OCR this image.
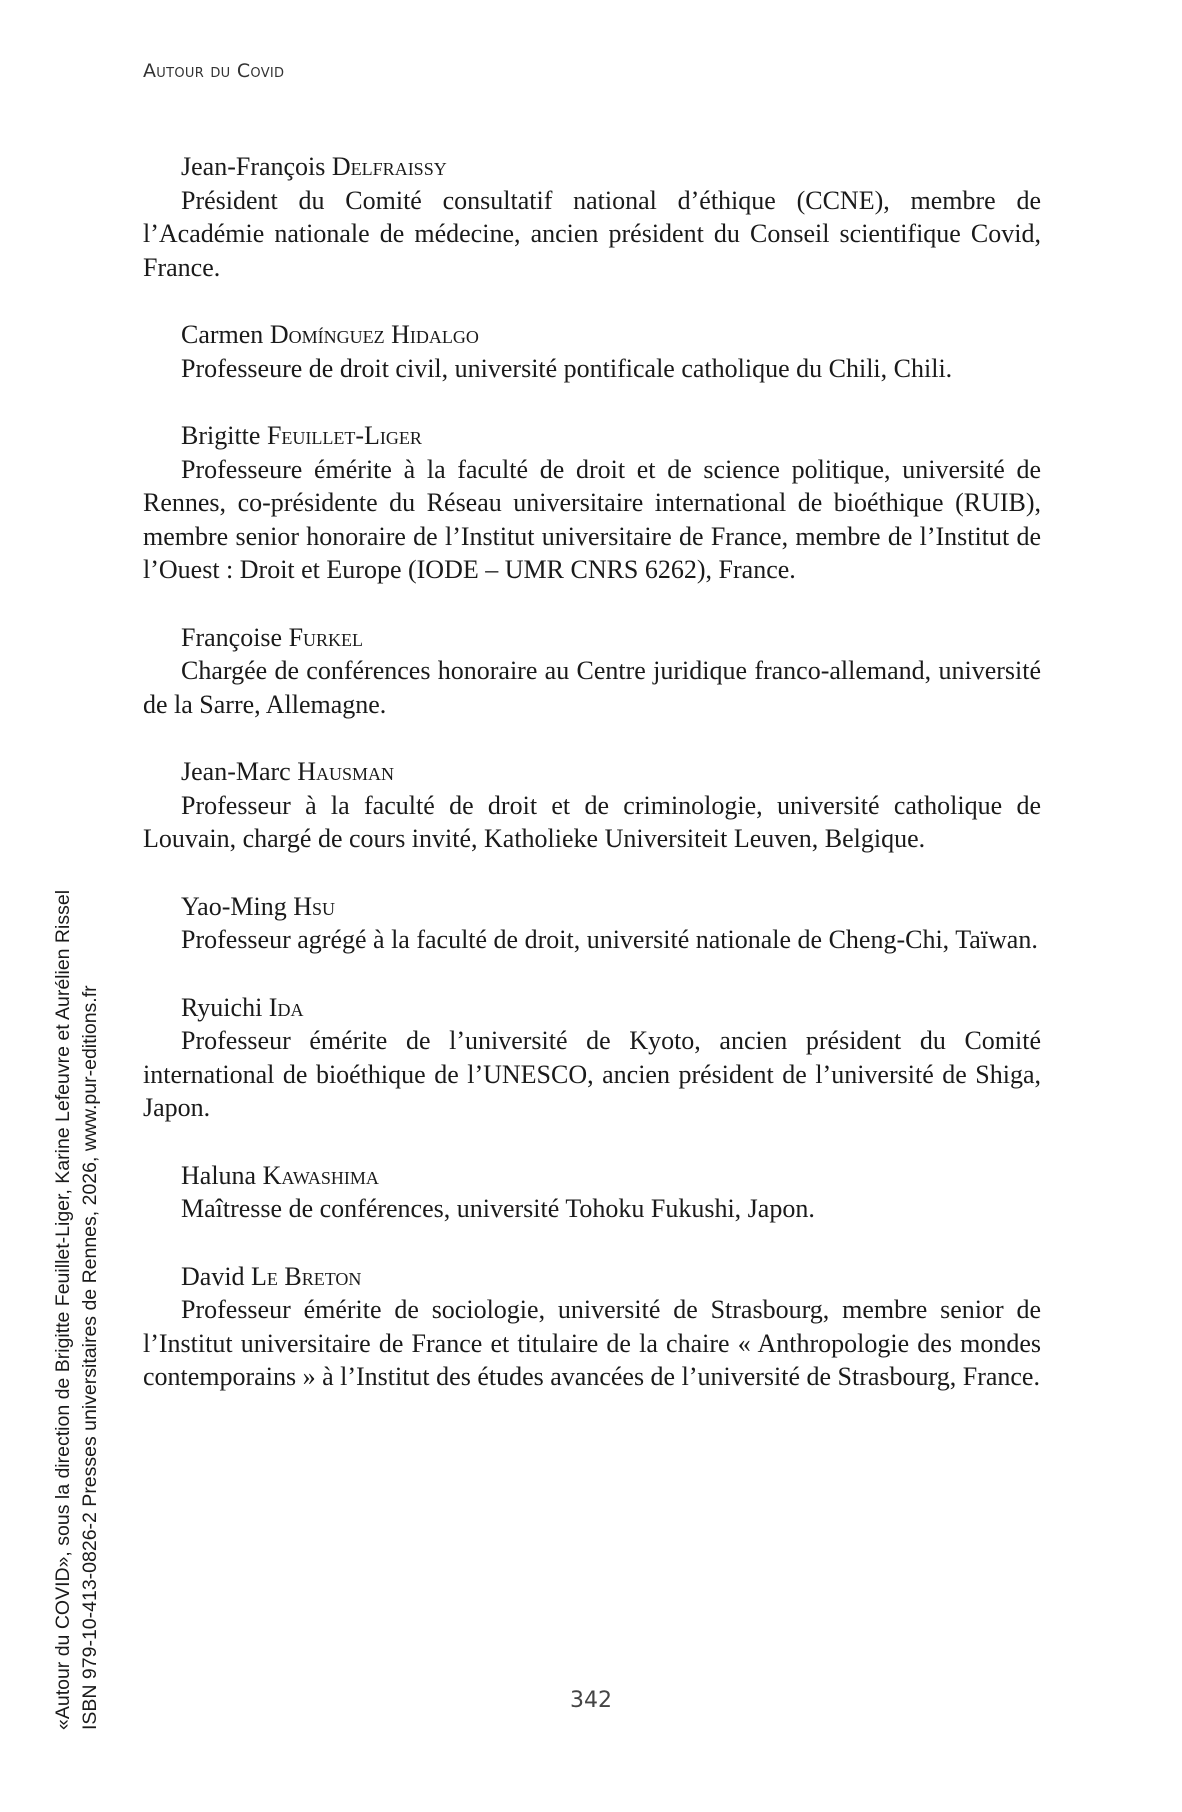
Autour du Covid
Jean-François Delfraissy
Président du Comité consultatif national d’éthique (CCNE), membre de l’Académie nationale de médecine, ancien président du Conseil scientifique Covid, France.
Carmen Domínguez Hidalgo
Professeure de droit civil, université pontificale catholique du Chili, Chili.
Brigitte Feuillet-Liger
Professeure émérite à la faculté de droit et de science politique, université de Rennes, co-présidente du Réseau universitaire international de bioéthique (RUIB), membre senior honoraire de l’Institut universitaire de France, membre de l’Institut de l’Ouest : Droit et Europe (IODE – UMR CNRS 6262), France.
Françoise Furkel
Chargée de conférences honoraire au Centre juridique franco-allemand, université de la Sarre, Allemagne.
Jean-Marc Hausman
Professeur à la faculté de droit et de criminologie, université catholique de Louvain, chargé de cours invité, Katholieke Universiteit Leuven, Belgique.
Yao-Ming Hsu
Professeur agrégé à la faculté de droit, université nationale de Cheng-Chi, Taïwan.
Ryuichi Ida
Professeur émérite de l’université de Kyoto, ancien président du Comité international de bioéthique de l’UNESCO, ancien président de l’université de Shiga, Japon.
Haluna Kawashima
Maîtresse de conférences, université Tohoku Fukushi, Japon.
David Le Breton
Professeur émérite de sociologie, université de Strasbourg, membre senior de l’Institut universitaire de France et titulaire de la chaire « Anthropologie des mondes contemporains » à l’Institut des études avancées de l’université de Strasbourg, France.
«Autour du COVID», sous la direction de Brigitte Feuillet-Liger, Karine Lefeuvre et Aurélien Rissel ISBN 979-10-413-0826-2 Presses universitaires de Rennes, 2026, www.pur-editions.fr	342
